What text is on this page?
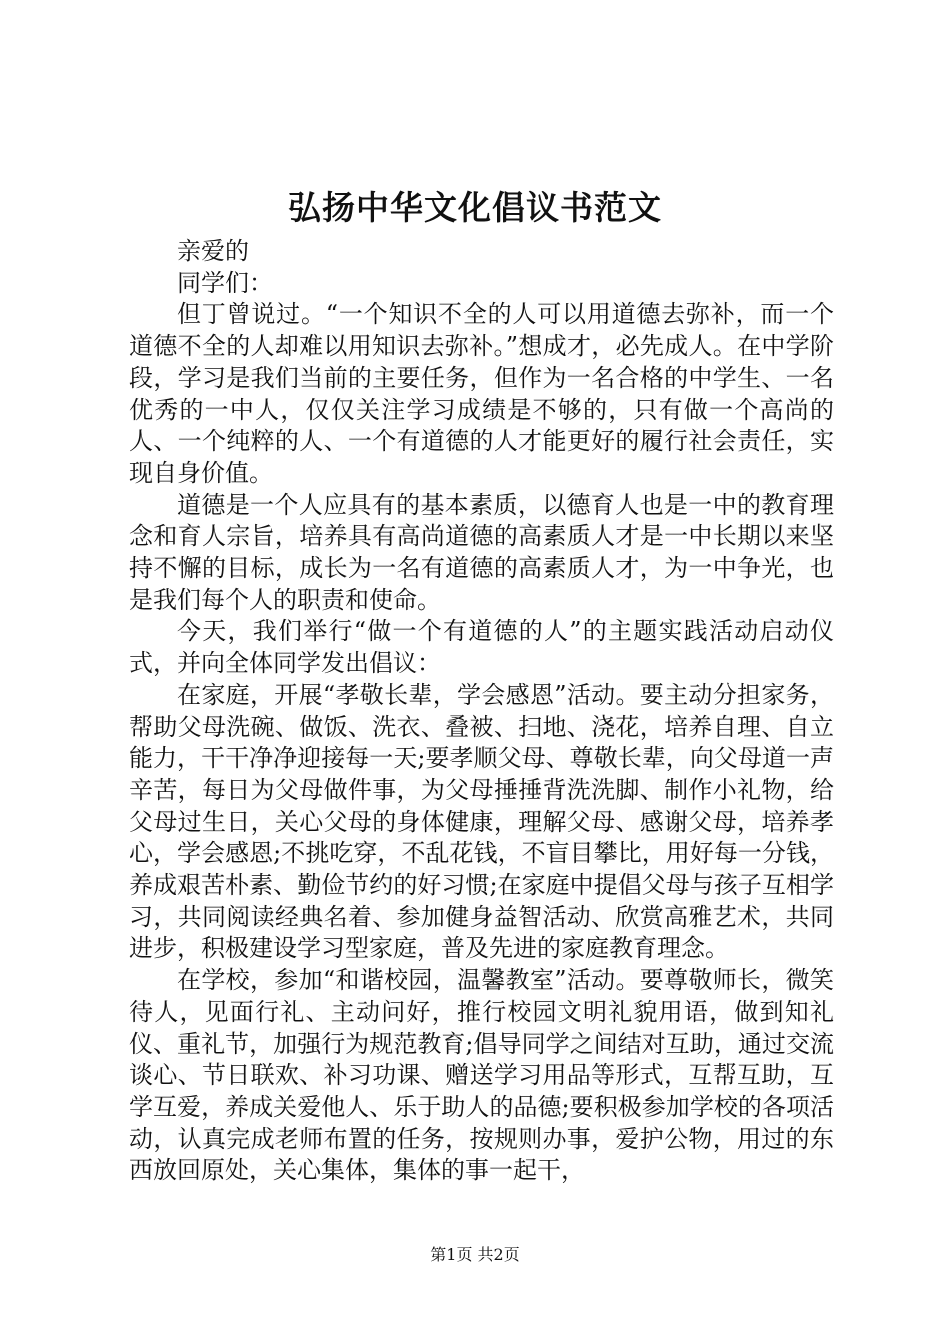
弘扬中华文化倡议书范文

亲爱的

同学们：

但丁曾说过。“一个知识不全的人可以用道德去弥补，而一个道德不全的人却难以用知识去弥补。”想成才，必先成人。在中学阶段，学习是我们当前的主要任务，但作为一名合格的中学生、一名优秀的一中人，仅仅关注学习成绩是不够的，只有做一个高尚的人、一个纯粹的人、一个有道德的人才能更好的履行社会责任，实现自身价值。

道德是一个人应具有的基本素质，以德育人也是一中的教育理念和育人宗旨，培养具有高尚道德的高素质人才是一中长期以来坚持不懈的目标，成长为一名有道德的高素质人才，为一中争光，也是我们每个人的职责和使命。

今天，我们举行“做一个有道德的人”的主题实践活动启动仪式，并向全体同学发出倡议：

在家庭，开展“孝敬长辈，学会感恩”活动。要主动分担家务，帮助父母洗碗、做饭、洗衣、叠被、扫地、浇花，培养自理、自立能力，干干净净迎接每一天;要孝顺父母、尊敬长辈，向父母道一声辛苦，每日为父母做件事，为父母捶捶背洗洗脚、制作小礼物，给父母过生日，关心父母的身体健康，理解父母、感谢父母，培养孝心，学会感恩;不挑吃穿，不乱花钱，不盲目攀比，用好每一分钱，养成艰苦朴素、勤俭节约的好习惯;在家庭中提倡父母与孩子互相学习，共同阅读经典名着、参加健身益智活动、欣赏高雅艺术，共同进步，积极建设学习型家庭，普及先进的家庭教育理念。

在学校，参加“和谐校园，温馨教室”活动。要尊敬师长，微笑待人，见面行礼、主动问好，推行校园文明礼貌用语，做到知礼仪、重礼节，加强行为规范教育;倡导同学之间结对互助，通过交流谈心、节日联欢、补习功课、赠送学习用品等形式，互帮互助，互学互爱，养成关爱他人、乐于助人的品德;要积极参加学校的各项活动，认真完成老师布置的任务，按规则办事，爱护公物，用过的东西放回原处，关心集体，集体的事一起干，

第1页 共2页
